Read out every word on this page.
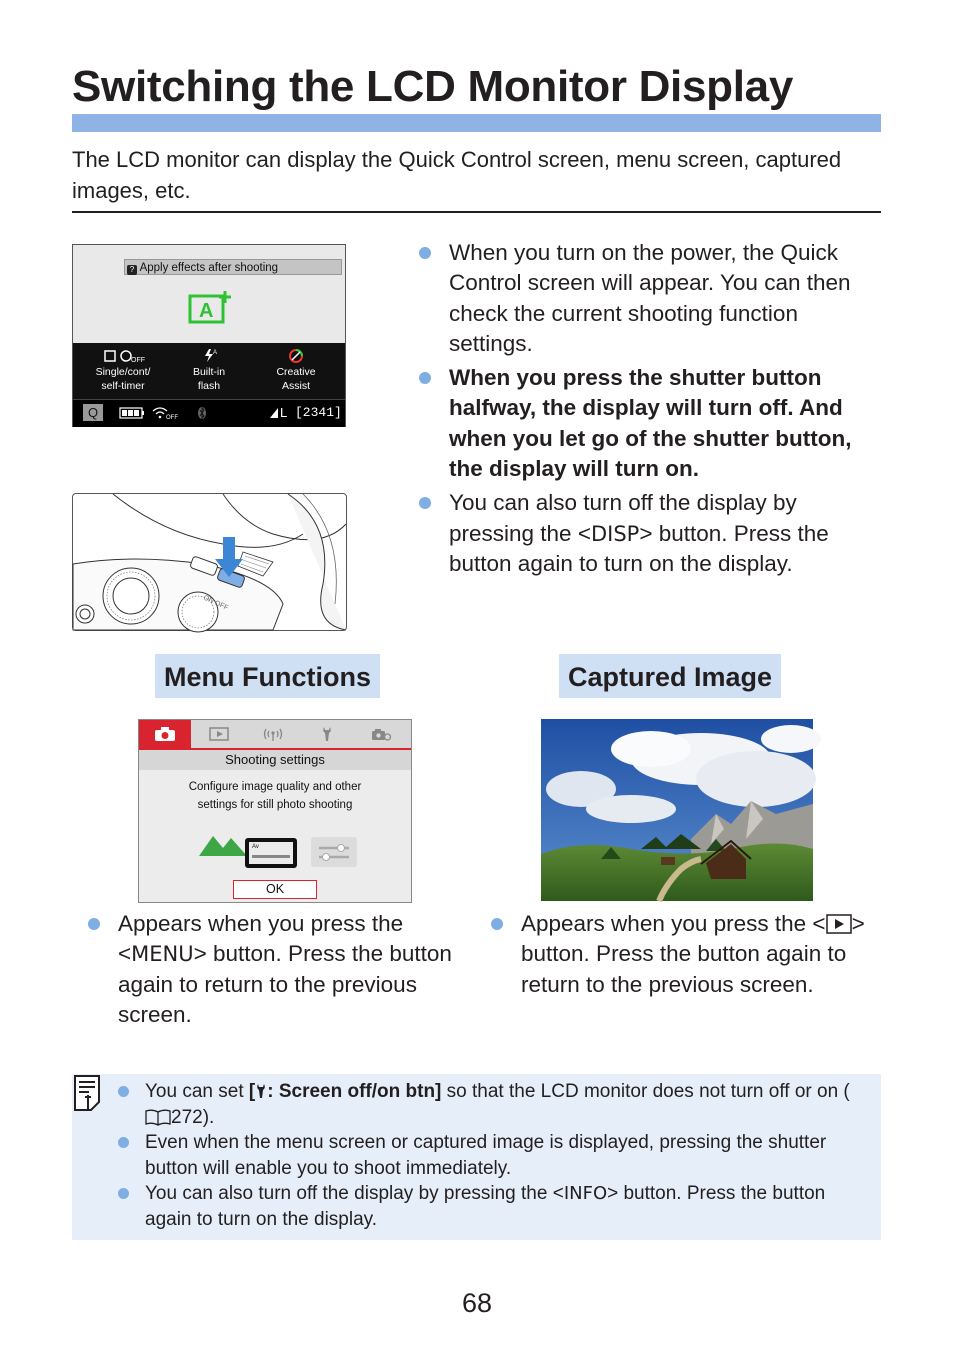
Switching the LCD Monitor Display
The LCD monitor can display the Quick Control screen, menu screen, captured images, etc.
? Apply effects after shooting
A
OFF
A
Single/cont/
self-timer
Built-in
flash
Creative
Assist
Q	OFF	L [2341]
ON OFF
When you turn on the power, the Quick Control screen will appear. You can then check the current shooting function settings.
When you press the shutter button halfway, the display will turn off. And when you let go of the shutter button, the display will turn on.
You can also turn off the display by pressing the <DISP> button. Press the button again to turn on the display.
Menu Functions	Captured Image
Shooting settings
Configure image quality and other
settings for still photo shooting
Av
OK
Appears when you press the <MENU> button. Press the button again to return to the previous screen.
Appears when you press the < > button. Press the button again to return to the previous screen.
You can set [ : Screen off/on btn] so that the LCD monitor does not turn off or on (272).
Even when the menu screen or captured image is displayed, pressing the shutter button will enable you to shoot immediately.
You can also turn off the display by pressing the <INFO> button. Press the button again to turn on the display.
68
